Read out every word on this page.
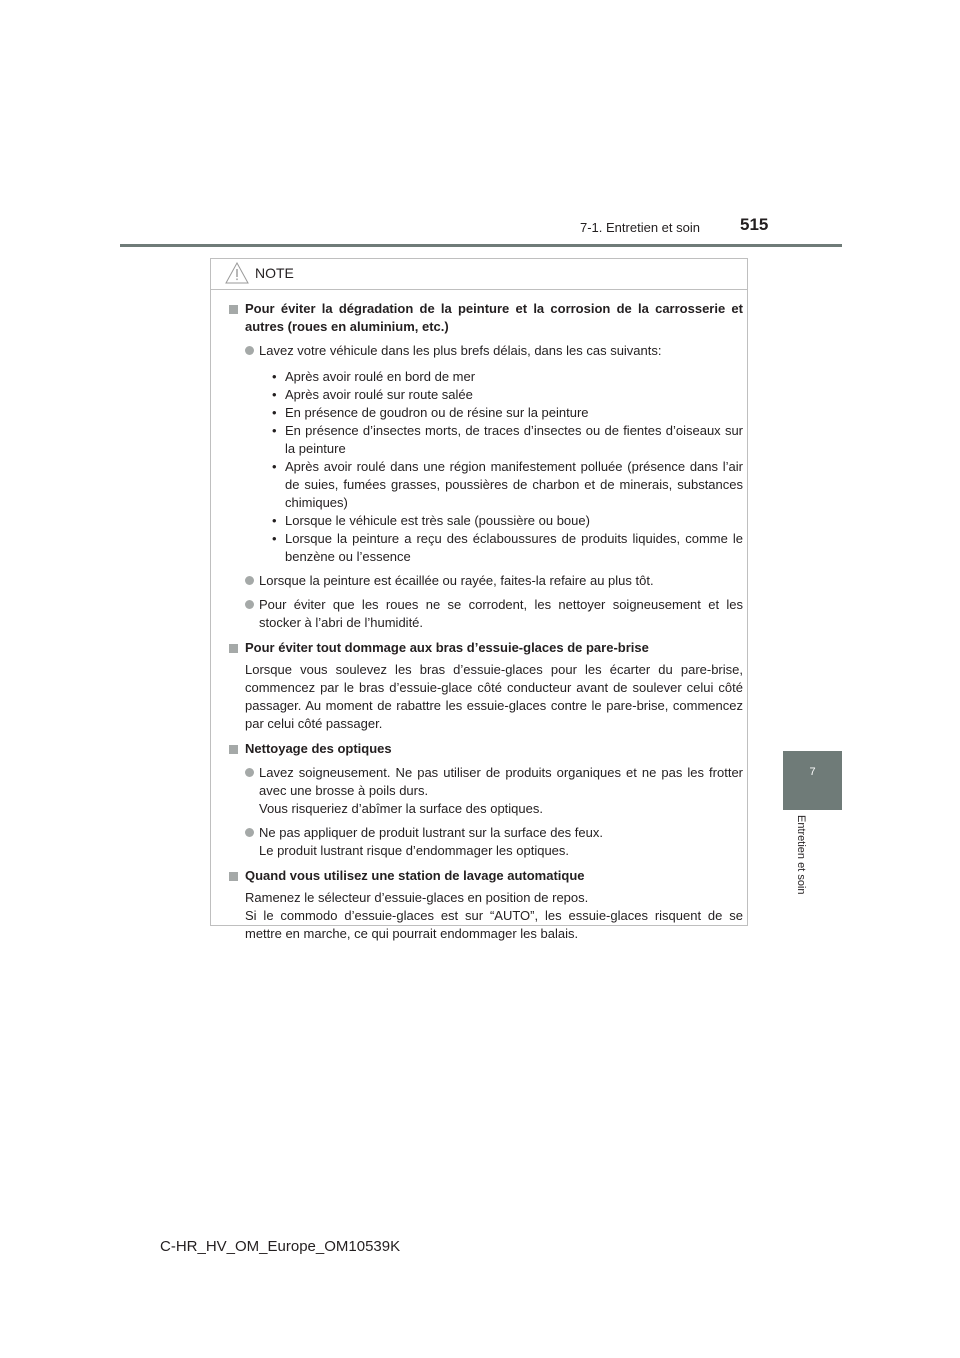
7-1. Entretien et soin 515
7
Entretien et soin
NOTE
Pour éviter la dégradation de la peinture et la corrosion de la carrosserie et autres (roues en aluminium, etc.)
Lavez votre véhicule dans les plus brefs délais, dans les cas suivants:
• Après avoir roulé en bord de mer
• Après avoir roulé sur route salée
• En présence de goudron ou de résine sur la peinture
• En présence d’insectes morts, de traces d’insectes ou de fientes d’oiseaux sur la peinture
• Après avoir roulé dans une région manifestement polluée (présence dans l’air de suies, fumées grasses, poussières de charbon et de minerais, substances chimiques)
• Lorsque le véhicule est très sale (poussière ou boue)
• Lorsque la peinture a reçu des éclaboussures de produits liquides, comme le benzène ou l’essence
Lorsque la peinture est écaillée ou rayée, faites-la refaire au plus tôt.
Pour éviter que les roues ne se corrodent, les nettoyer soigneusement et les stocker à l’abri de l’humidité.
Pour éviter tout dommage aux bras d’essuie-glaces de pare-brise
Lorsque vous soulevez les bras d’essuie-glaces pour les écarter du pare-brise, commencez par le bras d’essuie-glace côté conducteur avant de soulever celui côté passager. Au moment de rabattre les essuie-glaces contre le pare-brise, commencez par celui côté passager.
Nettoyage des optiques
Lavez soigneusement. Ne pas utiliser de produits organiques et ne pas les frotter avec une brosse à poils durs.
Vous risqueriez d’abîmer la surface des optiques.
Ne pas appliquer de produit lustrant sur la surface des feux.
Le produit lustrant risque d’endommager les optiques.
Quand vous utilisez une station de lavage automatique
Ramenez le sélecteur d’essuie-glaces en position de repos.
Si le commodo d’essuie-glaces est sur “AUTO”, les essuie-glaces risquent de se mettre en marche, ce qui pourrait endommager les balais.
C-HR_HV_OM_Europe_OM10539K
